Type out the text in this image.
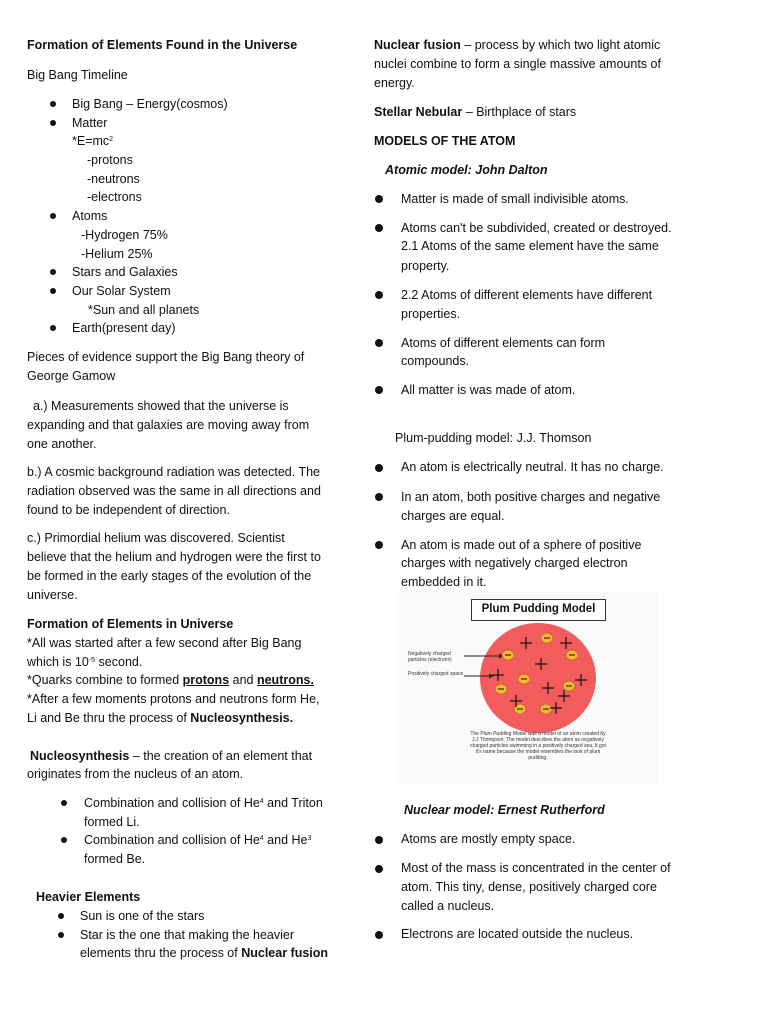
Formation of Elements Found in the Universe

Big Bang Timeline

Big Bang – Energy(cosmos)

Matter

$*E=mc^2$

-protons

-neutrons

-electrons

Atoms

-Hydrogen 75%

-Helium 25%

Stars and Galaxies

Our Solar System

*Sun and all planets

Earth(present day)

Pieces of evidence support the Big Bang theory of George Gamow

a.) Measurements showed that the universe is expanding and that galaxies are moving away from one another.

b.) A cosmic background radiation was detected. The radiation observed was the same in all directions and found to be independent of direction.

c.) Primordial helium was discovered. Scientist believe that the helium and hydrogen were the first to be formed in the early stages of the evolution of the universe.

Formation of Elements in Universe

*All was started after a few second after Big Bang

which is $10^{-5}$ second.

*Quarks combine to formed protons and neutrons.

*After a few moments protons and neutrons form He,

Li and Be thru the process of Nucleosynthesis.

Nucleosynthesis – the creation of an element that

originates from the nucleus of an atom.

Combination and collision of He$^4$ and Triton

formed Li.

Combination and collision of He$^4$ and He$^3$

formed Be.

Heavier Elements

Sun is one of the stars

Star is the one that making the heavier

elements thru the process of Nuclear fusion

Nuclear fusion – process by which two light atomic

nuclei combine to form a single massive amounts of

energy.

Stellar Nebular – Birthplace of stars

MODELS OF THE ATOM

Atomic model: John Dalton

Matter is made of small indivisible atoms.

Atoms can't be subdivided, created or destroyed.

2.1 Atoms of the same element have the same

property.

2.2 Atoms of different elements have different

properties.

Atoms of different elements can form

compounds.

All matter is was made of atom.

Plum-pudding model: J.J. Thomson

An atom is electrically neutral. It has no charge.

In an atom, both positive charges and negative

charges are equal.

An atom is made out of a sphere of positive

charges with negatively charged electron

embedded in it.

Nuclear model: Ernest Rutherford

Atoms are mostly empty space.

Most of the mass is concentrated in the center of

atom. This tiny, dense, positively charged core

called a nucleus.

Electrons are located outside the nucleus.

Plum Pudding Model
Negatively charged particles (electrons)
Positively charged space
The Plum Pudding Model was a model of an atom created by J.J Thompson. The model describes the atom as negatively charged particles swimming in a positively charged sea. It got it's name because the model resembles the look of plum pudding.
